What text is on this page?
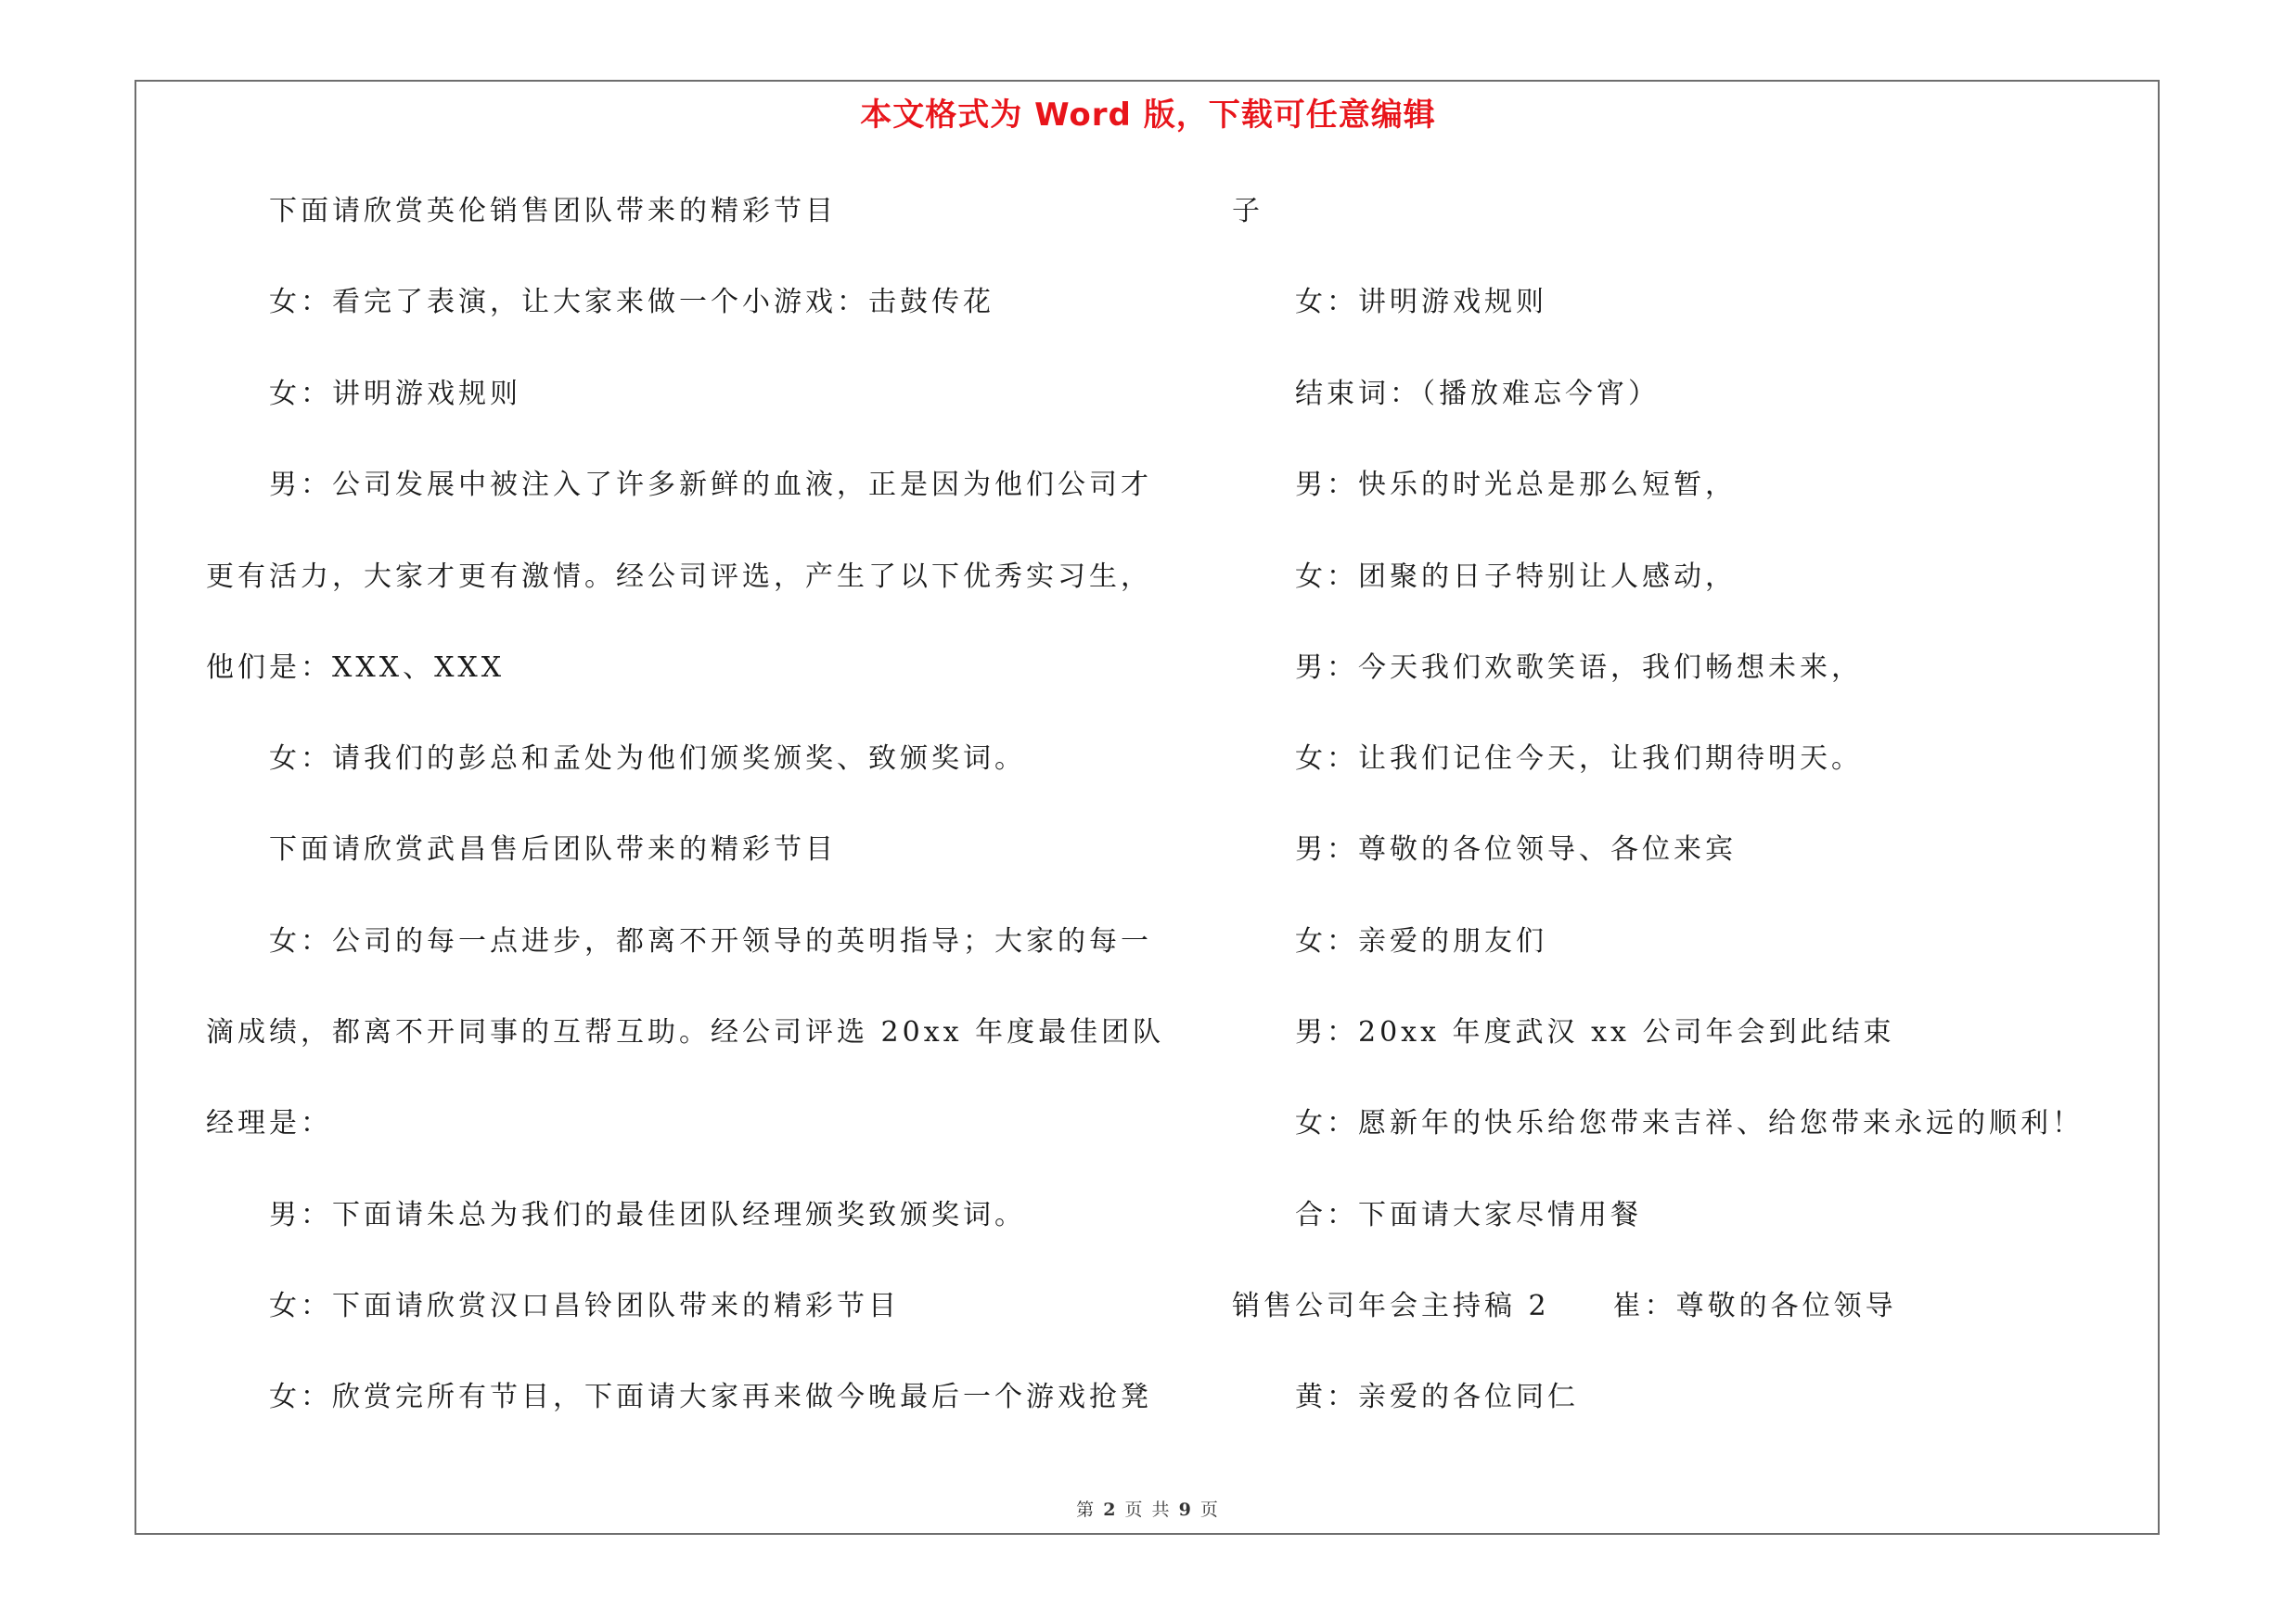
本文格式为 Word 版，下载可任意编辑
下面请欣赏英伦销售团队带来的精彩节目
女：看完了表演，让大家来做一个小游戏：击鼓传花
女：讲明游戏规则
男：公司发展中被注入了许多新鲜的血液，正是因为他们公司才
更有活力，大家才更有激情。经公司评选，产生了以下优秀实习生，
他们是：XXX、XXX
女：请我们的彭总和孟处为他们颁奖颁奖、致颁奖词。
下面请欣赏武昌售后团队带来的精彩节目
女：公司的每一点进步，都离不开领导的英明指导；大家的每一
滴成绩，都离不开同事的互帮互助。经公司评选 20xx 年度最佳团队
经理是：
男：下面请朱总为我们的最佳团队经理颁奖致颁奖词。
女：下面请欣赏汉口昌铃团队带来的精彩节目
女：欣赏完所有节目，下面请大家再来做今晚最后一个游戏抢凳
子
女：讲明游戏规则
结束词：（播放难忘今宵）
男：快乐的时光总是那么短暂，
女：团聚的日子特别让人感动，
男：今天我们欢歌笑语，我们畅想未来，
女：让我们记住今天，让我们期待明天。
男：尊敬的各位领导、各位来宾
女：亲爱的朋友们
男：20xx 年度武汉 xx 公司年会到此结束
女：愿新年的快乐给您带来吉祥、给您带来永远的顺利！
合：下面请大家尽情用餐
销售公司年会主持稿 2　　崔：尊敬的各位领导
黄：亲爱的各位同仁
第 2 页 共 9 页
